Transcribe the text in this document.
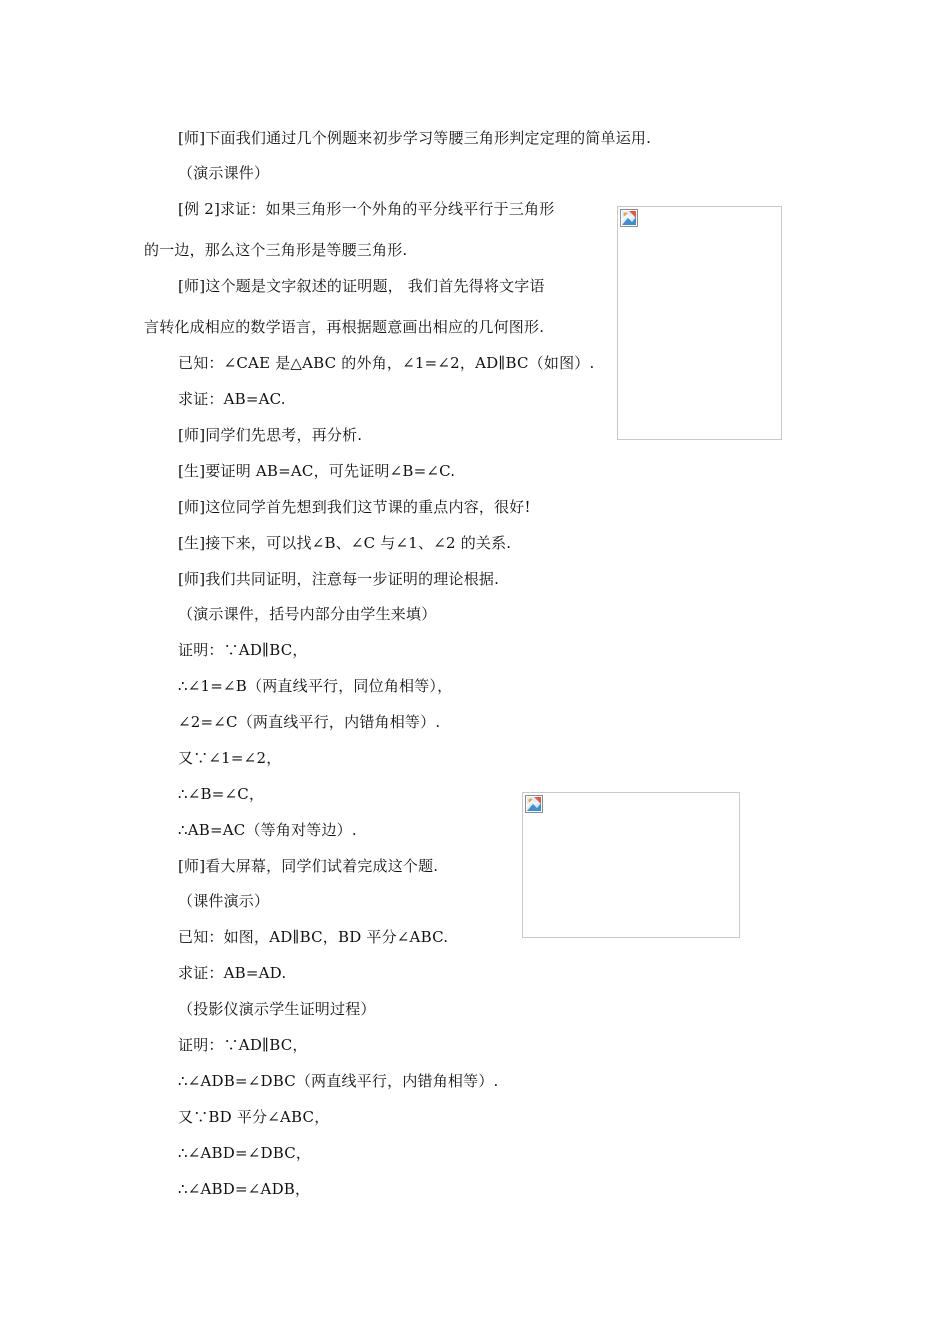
[师]下面我们通过几个例题来初步学习等腰三角形判定定理的简单运用.
（演示课件）
[例 2]求证：如果三角形一个外角的平分线平行于三角形
的一边，那么这个三角形是等腰三角形.
[师]这个题是文字叙述的证明题， 我们首先得将文字语
言转化成相应的数学语言，再根据题意画出相应的几何图形.
已知：∠CAE 是△ABC 的外角，∠1=∠2，AD∥BC（如图）.
求证：AB=AC.
[师]同学们先思考，再分析.
[生]要证明 AB=AC，可先证明∠B=∠C.
[师]这位同学首先想到我们这节课的重点内容，很好!
[生]接下来，可以找∠B、∠C 与∠1、∠2 的关系.
[师]我们共同证明，注意每一步证明的理论根据.
（演示课件，括号内部分由学生来填）
证明：∵AD∥BC，
∴∠1=∠B（两直线平行，同位角相等），
∠2=∠C（两直线平行，内错角相等）.
又∵∠1=∠2，
∴∠B=∠C，
∴AB=AC（等角对等边）.
[师]看大屏幕，同学们试着完成这个题.
（课件演示）
已知：如图，AD∥BC，BD 平分∠ABC.
求证：AB=AD.
（投影仪演示学生证明过程）
证明：∵AD∥BC，
∴∠ADB=∠DBC（两直线平行，内错角相等）.
又∵BD 平分∠ABC，
∴∠ABD=∠DBC，
∴∠ABD=∠ADB，
